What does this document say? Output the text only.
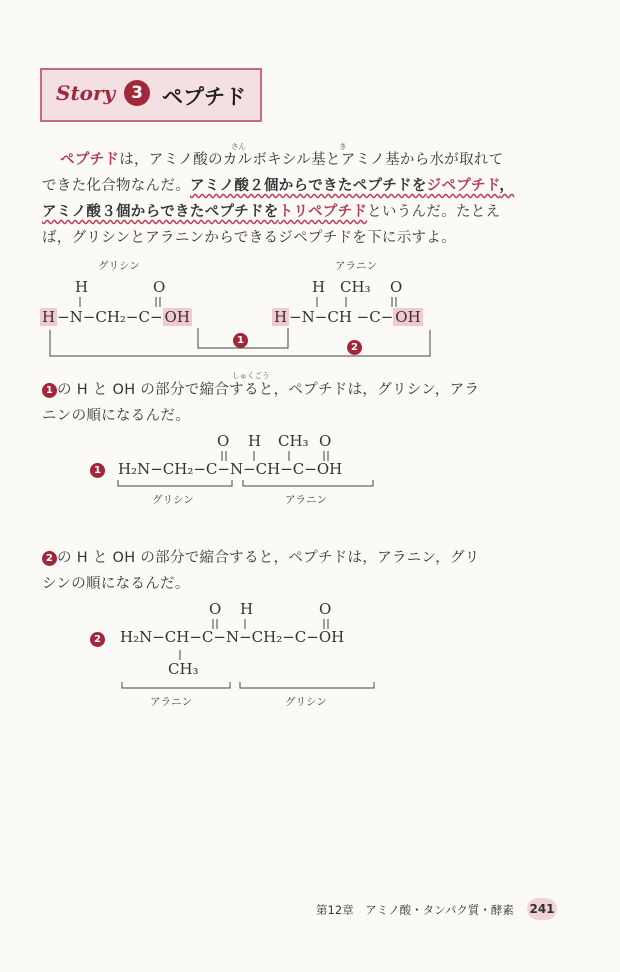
Story 3 ペプチド
さん	き
ペプチドは，アミノ酸のカルボキシル基とアミノ基から水が取れて
できた化合物なんだ。アミノ酸２個からできたペプチドをジペプチド，
アミノ酸３個からできたペプチドをトリペプチドというんだ。たとえ
ば，グリシンとアラニンからできるジペプチドを下に示すよ。
グリシン	アラニン
H	O
H −N−CH₂−C− OH
H CH₃ O
H −N−CH −C− OH
1
2
しゅくごう
1 の H と OH の部分で縮合すると，ペプチドは，グリシン，アラ
ニンの順になるんだ。
O H CH₃ O
1 H₂N−CH₂−C−N−CH−C−OH
グリシン	アラニン
2 の H と OH の部分で縮合すると，ペプチドは，アラニン，グリ
シンの順になるんだ。
O H	O
2 H₂N−CH−C−N−CH₂−C−OH
CH₃
アラニン	グリシン
第12章　アミノ酸・タンパク質・酵素 241
